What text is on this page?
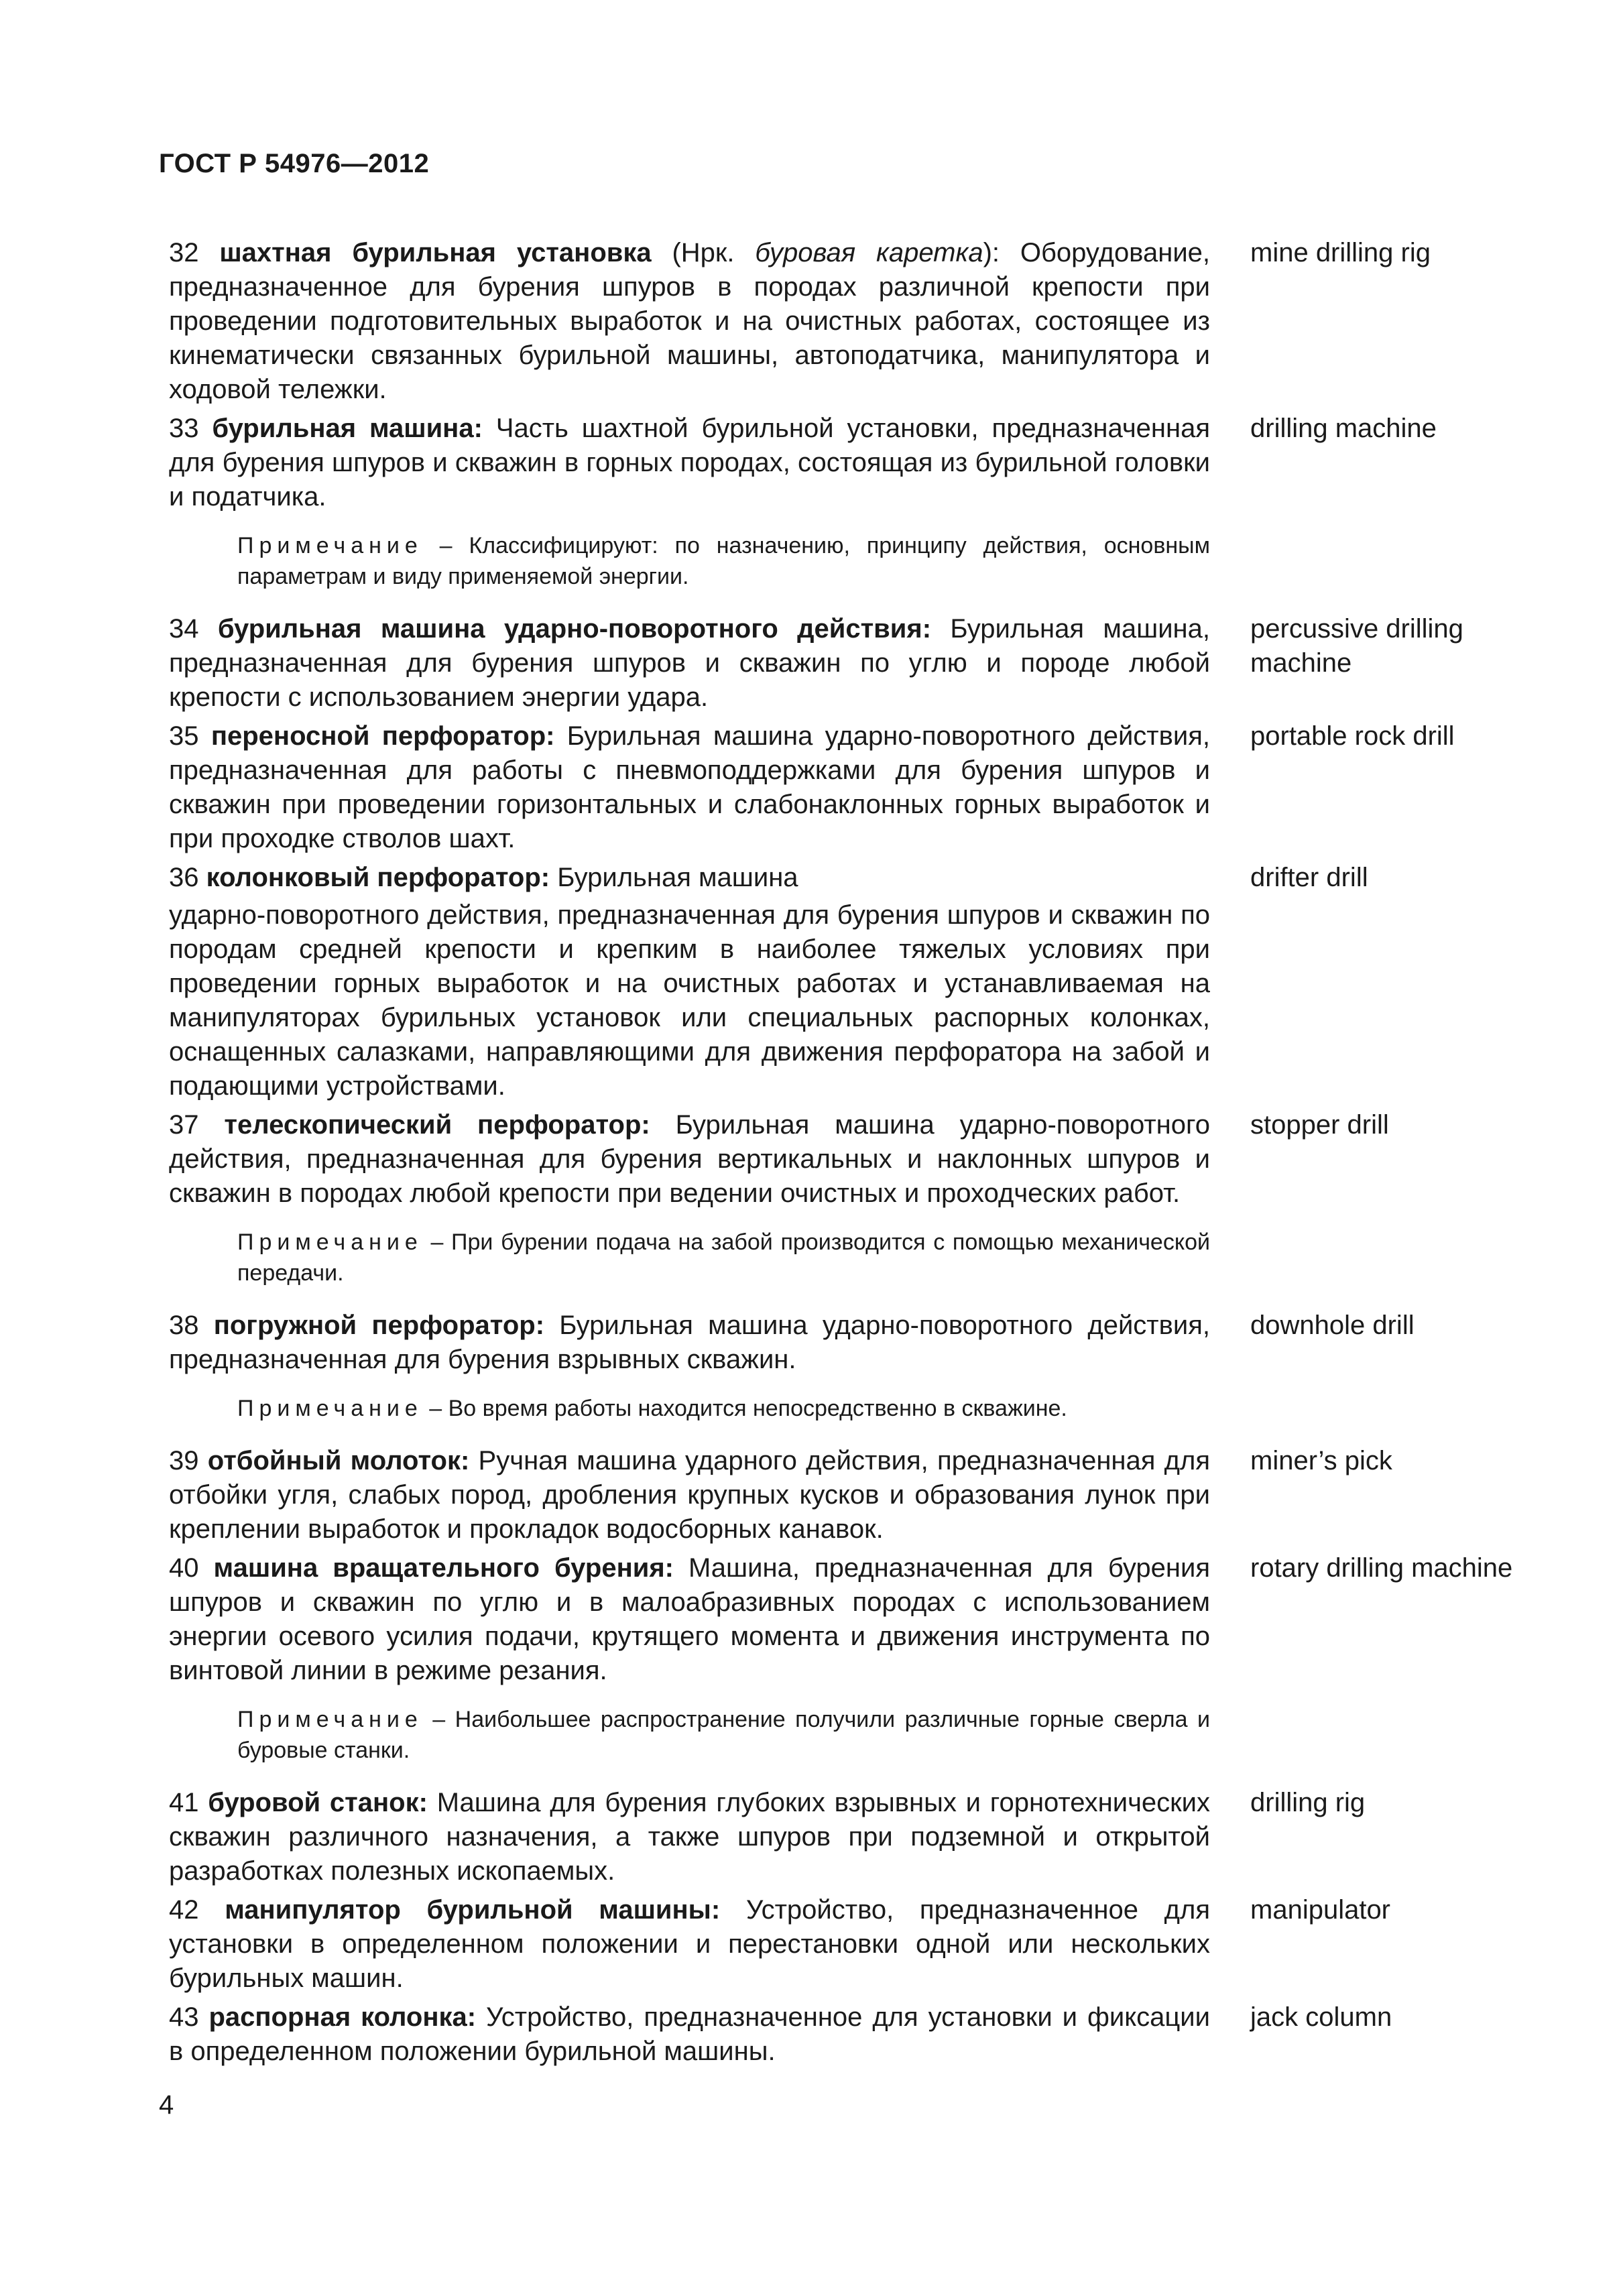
ГОСТ Р 54976—2012
32 шахтная бурильная установка (Нрк. буровая каретка): Оборудование, предназначенное для бурения шпуров в породах различной крепости при проведении подготовительных выработок и на очистных работах, состоящее из кинематически связанных бурильной машины, автоподатчика, манипулятора и ходовой тележки.
mine drilling rig
33 бурильная машина: Часть шахтной бурильной установки, предназначенная для бурения шпуров и скважин в горных породах, состоящая из бурильной головки и податчика.
drilling machine
Примечание – Классифицируют: по назначению, принципу действия, основным параметрам и виду применяемой энергии.
34 бурильная машина ударно-поворотного действия: Бурильная машина, предназначенная для бурения шпуров и скважин по углю и породе любой крепости с использованием энергии удара.
percussive drilling machine
35 переносной перфоратор: Бурильная машина ударно-поворотного действия, предназначенная для работы с пневмоподдержками для бурения шпуров и скважин при проведении горизонтальных и слабонаклонных горных выработок и при проходке стволов шахт.
portable rock drill
36 колонковый перфоратор: Бурильная машина
ударно-поворотного действия, предназначенная для бурения шпуров и скважин по породам средней крепости и крепким в наиболее тяжелых условиях при проведении горных выработок и на очистных работах и устанавливаемая на манипуляторах бурильных установок или специальных распорных колонках, оснащенных салазками, направляющими для движения перфоратора на забой и подающими устройствами.
drifter drill
37 телескопический перфоратор: Бурильная машина ударно-поворотного действия, предназначенная для бурения вертикальных и наклонных шпуров и скважин в породах любой крепости при ведении очистных и проходческих работ.
stopper drill
Примечание – При бурении подача на забой производится с помощью механической передачи.
38 погружной перфоратор: Бурильная машина ударно-поворотного действия, предназначенная для бурения взрывных скважин.
downhole drill
Примечание – Во время работы находится непосредственно в скважине.
39 отбойный молоток: Ручная машина ударного действия, предназначенная для отбойки угля, слабых пород, дробления крупных кусков и образования лунок при креплении выработок и прокладок водосборных канавок.
miner’s pick
40 машина вращательного бурения: Машина, предназначенная для бурения шпуров и скважин по углю и в малоабразивных породах с использованием энергии осевого усилия подачи, крутящего момента и движения инструмента по винтовой линии в режиме резания.
rotary drilling machine
Примечание – Наибольшее распространение получили различные горные сверла и буровые станки.
41 буровой станок: Машина для бурения глубоких взрывных и горнотехнических скважин различного назначения, а также шпуров при подземной и открытой разработках полезных ископаемых.
drilling rig
42 манипулятор бурильной машины: Устройство, предназначенное для установки в определенном положении и перестановки одной или нескольких бурильных машин.
manipulator
43 распорная колонка: Устройство, предназначенное для установки и фиксации в определенном положении бурильной машины.
jack column
4
